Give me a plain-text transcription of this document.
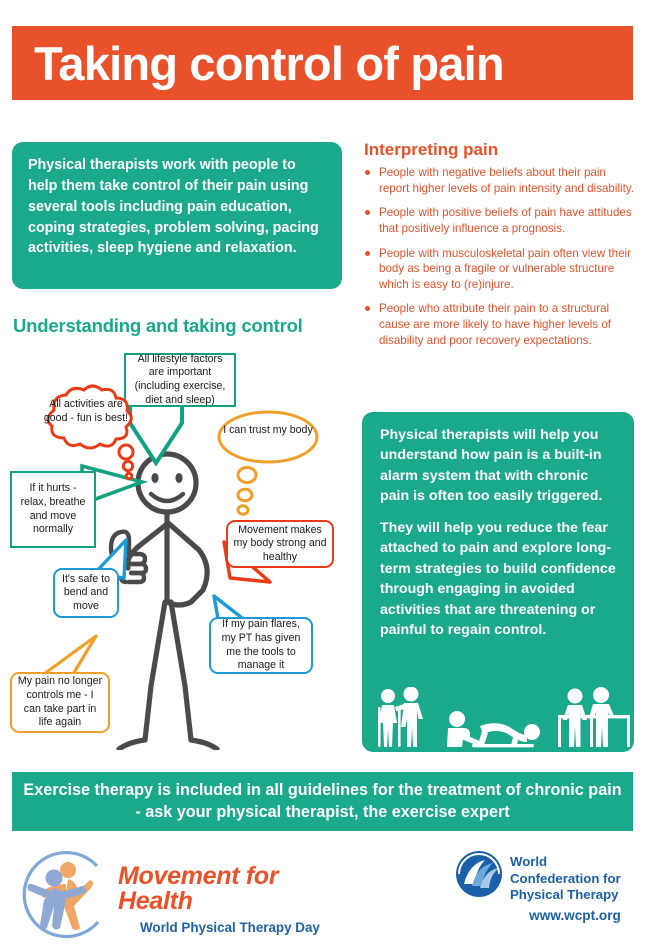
Taking control of pain
Physical therapists work with people to help them take control of their pain using several tools including pain education, coping strategies, problem solving, pacing activities, sleep hygiene and relaxation.
Understanding and taking control
Interpreting pain
People with negative beliefs about their pain report higher levels of pain intensity and disability.
People with positive beliefs of pain have attitudes that positively influence a prognosis.
People with musculoskeletal pain often view their body as being a fragile or vulnerable structure which is easy to (re)injure.
People who attribute their pain to a structural cause are more likely to have higher levels of disability and poor recovery expectations.
Physical therapists will help you understand how pain is a built-in alarm system that with chronic pain is often too easily triggered.
They will help you reduce the fear attached to pain and explore long-term strategies to build confidence through engaging in avoided activities that are threatening or painful to regain control.
All lifestyle factors are important (including exercise, diet and sleep)
All activities are good - fun is best!
I can trust my body
If it hurts - relax, breathe and move normally	Movement makes my body strong and healthy
It's safe to bend and move
If my pain flares, my PT has given me the tools to manage it
My pain no longer controls me - I can take part in life again
Exercise therapy is included in all guidelines for the treatment of chronic pain
- ask your physical therapist, the exercise expert
Movement for Health
World Physical Therapy Day
World Confederation for Physical Therapy
www.wcpt.org
